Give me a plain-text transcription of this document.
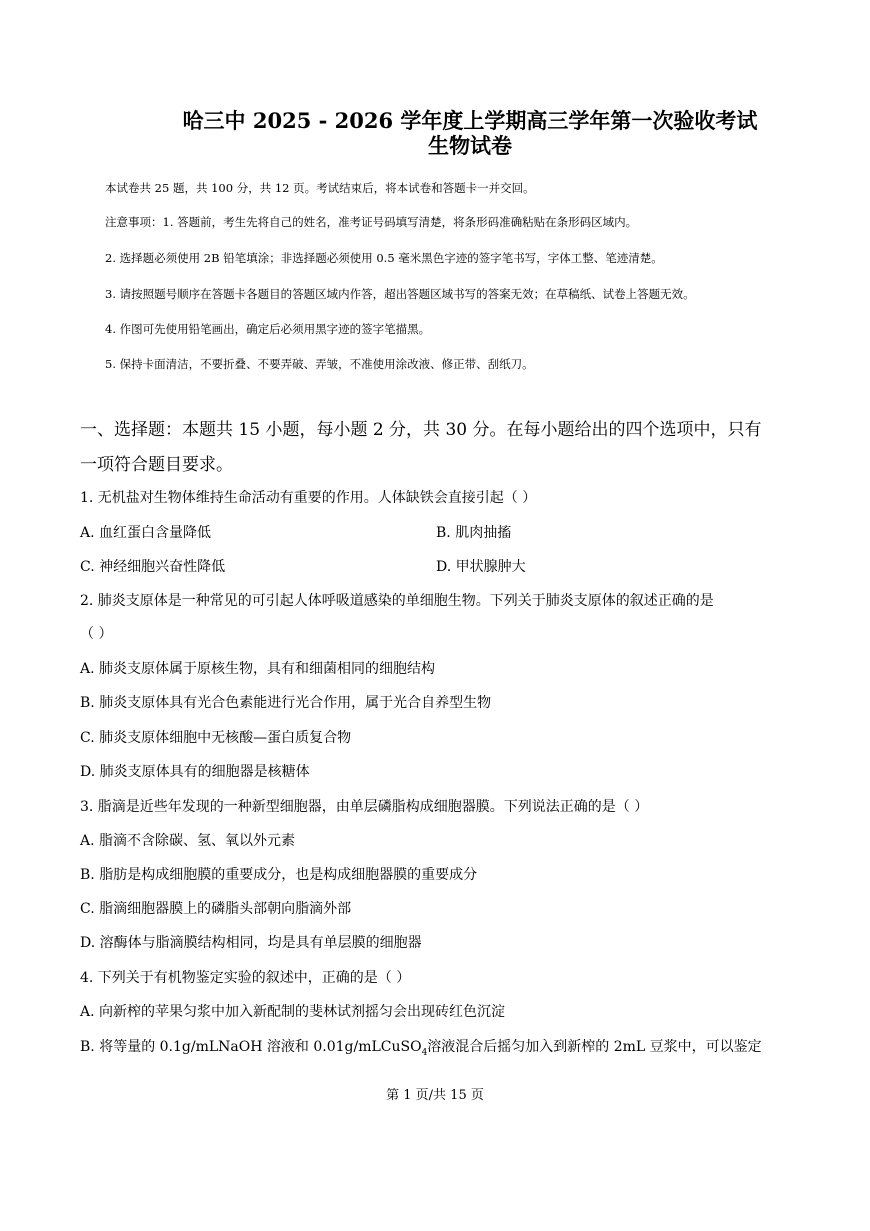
哈三中 2025 - 2026 学年度上学期高三学年第一次验收考试
生物试卷
本试卷共 25 题，共 100 分，共 12 页。考试结束后，将本试卷和答题卡一并交回。
注意事项：1. 答题前，考生先将自己的姓名，准考证号码填写清楚，将条形码准确粘贴在条形码区域内。
2. 选择题必须使用 2B 铅笔填涂；非选择题必须使用 0.5 毫米黑色字迹的签字笔书写，字体工整、笔迹清楚。
3. 请按照题号顺序在答题卡各题目的答题区域内作答，超出答题区域书写的答案无效；在草稿纸、试卷上答题无效。
4. 作图可先使用铅笔画出，确定后必须用黑字迹的签字笔描黑。
5. 保持卡面清洁，不要折叠、不要弄破、弄皱，不准使用涂改液、修正带、刮纸刀。
一、选择题：本题共 15 小题，每小题 2 分，共 30 分。在每小题给出的四个选项中，只有
一项符合题目要求。
1. 无机盐对生物体维持生命活动有重要的作用。人体缺铁会直接引起（ ）
A. 血红蛋白含量降低	B. 肌肉抽搐
C. 神经细胞兴奋性降低	D. 甲状腺肿大
2. 肺炎支原体是一种常见的可引起人体呼吸道感染的单细胞生物。下列关于肺炎支原体的叙述正确的是
（ ）
A. 肺炎支原体属于原核生物，具有和细菌相同的细胞结构
B. 肺炎支原体具有光合色素能进行光合作用，属于光合自养型生物
C. 肺炎支原体细胞中无核酸—蛋白质复合物
D. 肺炎支原体具有的细胞器是核糖体
3. 脂滴是近些年发现的一种新型细胞器，由单层磷脂构成细胞器膜。下列说法正确的是（ ）
A. 脂滴不含除碳、氢、氧以外元素
B. 脂肪是构成细胞膜的重要成分，也是构成细胞器膜的重要成分
C. 脂滴细胞器膜上的磷脂头部朝向脂滴外部
D. 溶酶体与脂滴膜结构相同，均是具有单层膜的细胞器
4. 下列关于有机物鉴定实验的叙述中，正确的是（ ）
A. 向新榨的苹果匀浆中加入新配制的斐林试剂摇匀会出现砖红色沉淀
B. 将等量的 0.1g/mLNaOH 溶液和 0.01g/mLCuSO$_4$溶液混合后摇匀加入到新榨的 2mL 豆浆中，可以鉴定
第 1 页/共 15 页
